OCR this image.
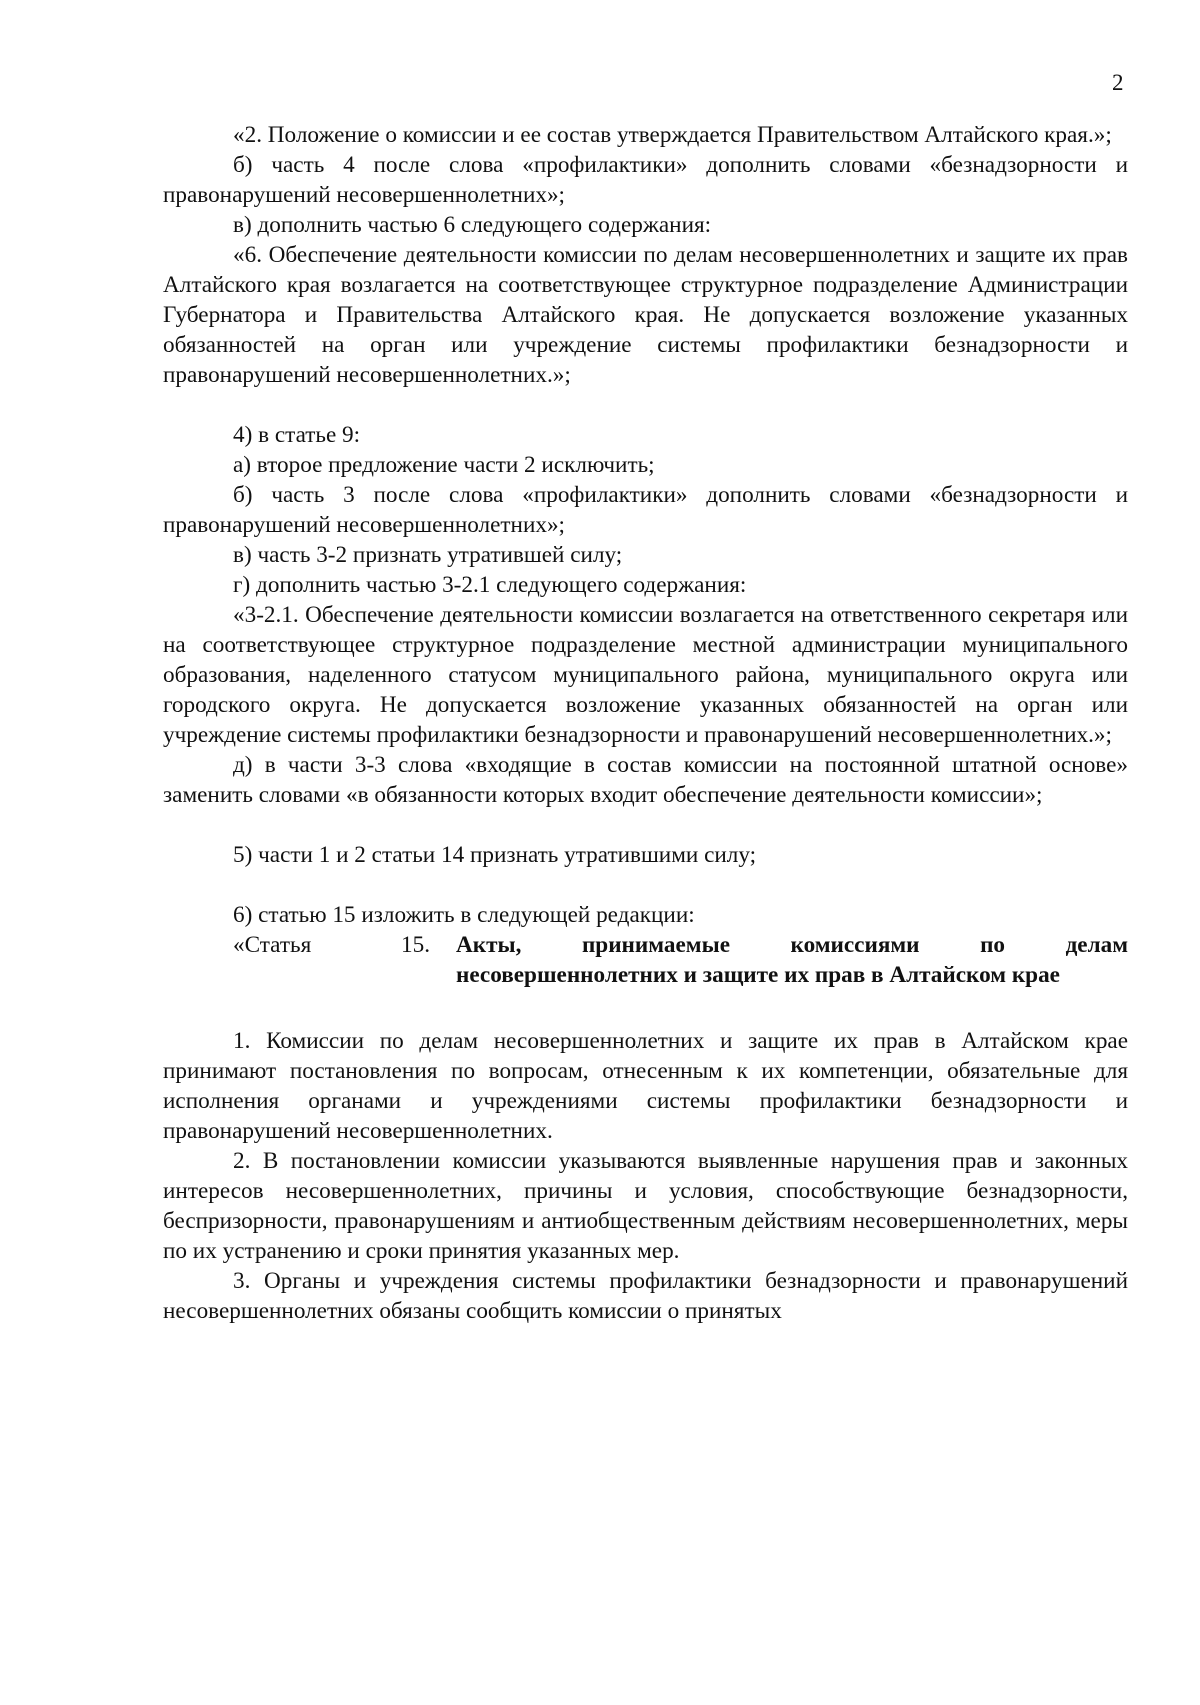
2

«2. Положение о комиссии и ее состав утверждается Правительством Алтайского края.»;

б) часть 4 после слова «профилактики» дополнить словами «безнадзорности и правонарушений несовершеннолетних»;

в) дополнить частью 6 следующего содержания:

«6. Обеспечение деятельности комиссии по делам несовершеннолетних и защите их прав Алтайского края возлагается на соответствующее структурное подразделение Администрации Губернатора и Правительства Алтайского края. Не допускается возложение указанных обязанностей на орган или учреждение системы профилактики безнадзорности и правонарушений несовершеннолетних.»;

4) в статье 9:

а) второе предложение части 2 исключить;

б) часть 3 после слова «профилактики» дополнить словами «безнадзорности и правонарушений несовершеннолетних»;

в) часть 3-2 признать утратившей силу;

г) дополнить частью 3-2.1 следующего содержания:

«3-2.1. Обеспечение деятельности комиссии возлагается на ответственного секретаря или на соответствующее структурное подразделение местной администрации муниципального образования, наделенного статусом муниципального района, муниципального округа или городского округа. Не допускается возложение указанных обязанностей на орган или учреждение системы профилактики безнадзорности и правонарушений несовершеннолетних.»;

д) в части 3-3 слова «входящие в состав комиссии на постоянной штатной основе» заменить словами «в обязанности которых входит обеспечение деятельности комиссии»;

5) части 1 и 2 статьи 14 признать утратившими силу;

6) статью 15 изложить в следующей редакции:

«Статья	15. Акты, принимаемые комиссиями по делам несовершеннолетних и защите их прав в Алтайском крае

1. Комиссии по делам несовершеннолетних и защите их прав в Алтайском крае принимают постановления по вопросам, отнесенным к их компетенции, обязательные для исполнения органами и учреждениями системы профилактики безнадзорности и правонарушений несовершеннолетних.

2. В постановлении комиссии указываются выявленные нарушения прав и законных интересов несовершеннолетних, причины и условия, способствующие безнадзорности, беспризорности, правонарушениям и антиобщественным действиям несовершеннолетних, меры по их устранению и сроки принятия указанных мер.

3. Органы и учреждения системы профилактики безнадзорности и правонарушений несовершеннолетних обязаны сообщить комиссии о принятых
